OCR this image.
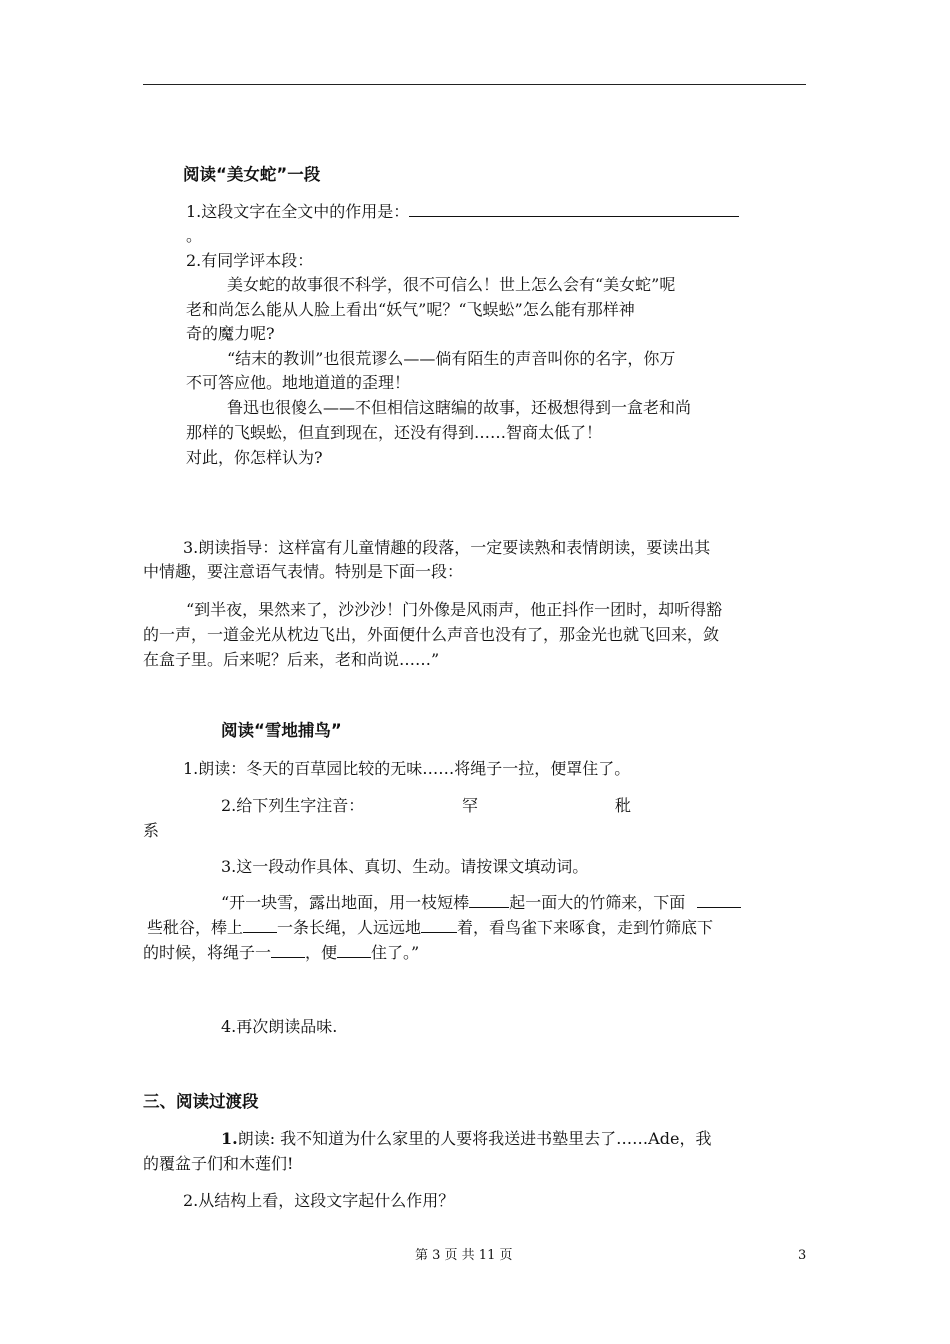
阅读“美女蛇”一段
1.这段文字在全文中的作用是：
。
2.有同学评本段：
美女蛇的故事很不科学，很不可信么！世上怎么会有“美女蛇”呢
老和尚怎么能从人脸上看出“妖气”呢？“飞蜈蚣”怎么能有那样神
奇的魔力呢?
“结末的教训”也很荒谬么——倘有陌生的声音叫你的名字，你万
不可答应他。地地道道的歪理！
鲁迅也很傻么——不但相信这瞎编的故事，还极想得到一盒老和尚
那样的飞蜈蚣，但直到现在，还没有得到……智商太低了！
对此，你怎样认为?
3.朗读指导：这样富有儿童情趣的段落，一定要读熟和表情朗读，要读出其
中情趣，要注意语气表情。特别是下面一段：
“到半夜，果然来了，沙沙沙！门外像是风雨声，他正抖作一团时，却听得豁
的一声，一道金光从枕边飞出，外面便什么声音也没有了，那金光也就飞回来，敛
在盒子里。后来呢？后来，老和尚说……”
阅读“雪地捕鸟”
1.朗读：冬天的百草园比较的无味……将绳子一拉，便罩住了。
2.给下列生字注音：	罕	秕
系
3.这一段动作具体、真切、生动。请按课文填动词。
“开一块雪，露出地面，用一枝短棒	起一面大的竹筛来，下面
些秕谷，棒上 一条长绳，人远远地 着，看鸟雀下来啄食，走到竹筛底下
的时候，将绳子一 ，便 住了。”
4.再次朗读品味.
三、阅读过渡段
1.朗读: 我不知道为什么家里的人要将我送进书塾里去了……Ade，我
的覆盆子们和木莲们!
2.从结构上看，这段文字起什么作用？
第 3 页 共 11 页	3
